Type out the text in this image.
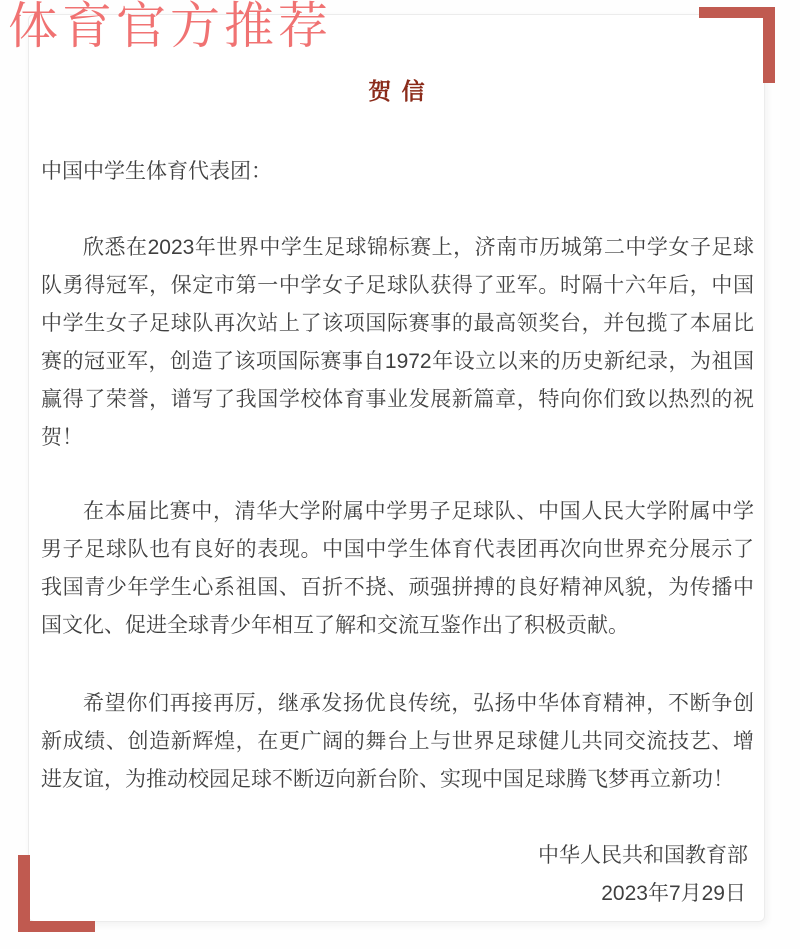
贺 信

中国中学生体育代表团：

欣悉在2023年世界中学生足球锦标赛上，济南市历城第二中学女子足球队勇得冠军，保定市第一中学女子足球队获得了亚军。时隔十六年后，中国中学生女子足球队再次站上了该项国际赛事的最高领奖台，并包揽了本届比赛的冠亚军，创造了该项国际赛事自1972年设立以来的历史新纪录，为祖国赢得了荣誉，谱写了我国学校体育事业发展新篇章，特向你们致以热烈的祝贺！

在本届比赛中，清华大学附属中学男子足球队、中国人民大学附属中学男子足球队也有良好的表现。中国中学生体育代表团再次向世界充分展示了我国青少年学生心系祖国、百折不挠、顽强拼搏的良好精神风貌，为传播中国文化、促进全球青少年相互了解和交流互鉴作出了积极贡献。

希望你们再接再厉，继承发扬优良传统，弘扬中华体育精神，不断争创新成绩、创造新辉煌，在更广阔的舞台上与世界足球健儿共同交流技艺、增进友谊，为推动校园足球不断迈向新台阶、实现中国足球腾飞梦再立新功！

中华人民共和国教育部
2023年7月29日
体育官方推荐
